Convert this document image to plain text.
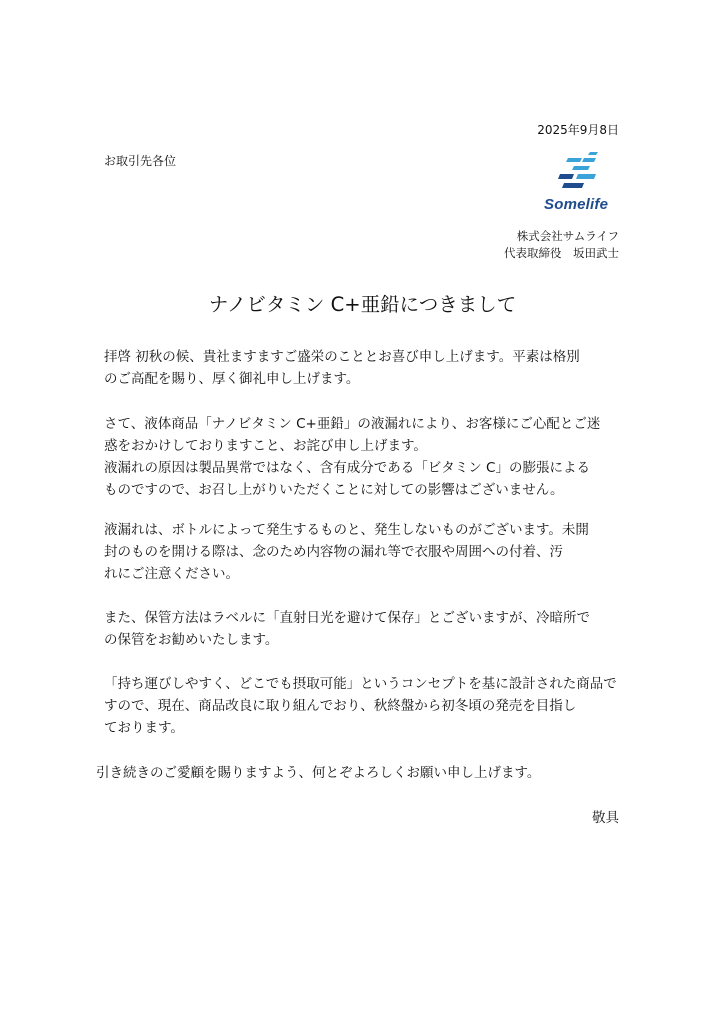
2025年9月8日
お取引先各位
Somelife
株式会社サムライフ
代表取締役　坂田武士
ナノビタミン C+亜鉛につきまして

拝啓 初秋の候、貴社ますますご盛栄のこととお喜び申し上げます。平素は格別
のご高配を賜り、厚く御礼申し上げます。

さて、液体商品「ナノビタミン C+亜鉛」の液漏れにより、お客様にご心配とご迷
惑をおかけしておりますこと、お詫び申し上げます。
液漏れの原因は製品異常ではなく、含有成分である「ビタミン C」の膨張による
ものですので、お召し上がりいただくことに対しての影響はございません。

液漏れは、ボトルによって発生するものと、発生しないものがございます。未開
封のものを開ける際は、念のため内容物の漏れ等で衣服や周囲への付着、汚
れにご注意ください。

また、保管方法はラベルに「直射日光を避けて保存」とございますが、冷暗所で
の保管をお勧めいたします。

「持ち運びしやすく、どこでも摂取可能」というコンセプトを基に設計された商品で
すので、現在、商品改良に取り組んでおり、秋終盤から初冬頃の発売を目指し
ております。

引き続きのご愛顧を賜りますよう、何とぞよろしくお願い申し上げます。
敬具
